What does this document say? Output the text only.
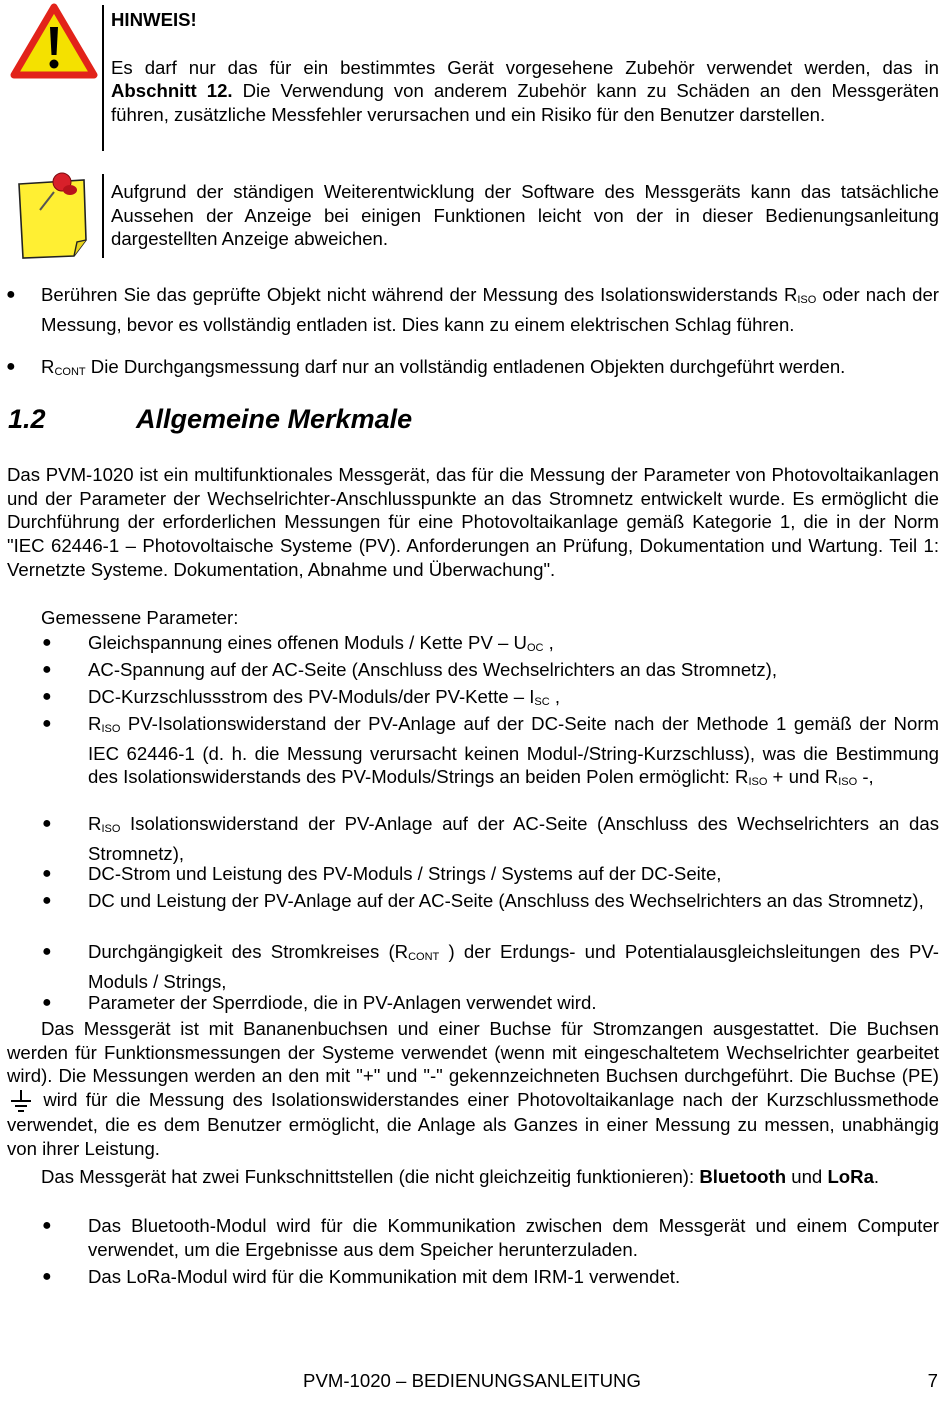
HINWEIS!

Es darf nur das für ein bestimmtes Gerät vorgesehene Zubehör verwendet werden, das in Abschnitt 12. Die Verwendung von anderem Zubehör kann zu Schäden an den Messgeräten führen, zusätzliche Messfehler verursachen und ein Risiko für den Benutzer darstellen.

Aufgrund der ständigen Weiterentwicklung der Software des Messgeräts kann das tatsächliche Aussehen der Anzeige bei einigen Funktionen leicht von der in dieser Bedienungsanleitung dargestellten Anzeige abweichen.

● Berühren Sie das geprüfte Objekt nicht während der Messung des Isolationswiderstands $R_{ISO}$ oder nach der Messung, bevor es vollständig entladen ist. Dies kann zu einem elektrischen Schlag führen.
● $R_{CONT}$ Die Durchgangsmessung darf nur an vollständig entladenen Objekten durchgeführt werden.
1.2	Allgemeine Merkmale

Das PVM-1020 ist ein multifunktionales Messgerät, das für die Messung der Parameter von Photovoltaikanlagen und der Parameter der Wechselrichter-Anschlusspunkte an das Stromnetz entwickelt wurde. Es ermöglicht die Durchführung der erforderlichen Messungen für eine Photovoltaikanlage gemäß Kategorie 1, die in der Norm "IEC 62446-1 – Photovoltaische Systeme (PV). Anforderungen an Prüfung, Dokumentation und Wartung. Teil 1: Vernetzte Systeme. Dokumentation, Abnahme und Überwachung".

Gemessene Parameter:
● Gleichspannung eines offenen Moduls / Kette PV – $U_{OC}$ ,
● AC-Spannung auf der AC-Seite (Anschluss des Wechselrichters an das Stromnetz),
● DC-Kurzschlussstrom des PV-Moduls/der PV-Kette – $I_{SC}$ ,
● $R_{ISO}$ PV-Isolationswiderstand der PV-Anlage auf der DC-Seite nach der Methode 1 gemäß der Norm IEC 62446-1 (d. h. die Messung verursacht keinen Modul-/String-Kurzschluss), was die Bestimmung des Isolationswiderstands des PV-Moduls/Strings an beiden Polen ermöglicht: $R_{ISO}$ + und $R_{ISO}$ -,
● $R_{ISO}$ Isolationswiderstand der PV-Anlage auf der AC-Seite (Anschluss des Wechselrichters an das Stromnetz),
● DC-Strom und Leistung des PV-Moduls / Strings / Systems auf der DC-Seite,
● DC und Leistung der PV-Anlage auf der AC-Seite (Anschluss des Wechselrichters an das Stromnetz),
● Durchgängigkeit des Stromkreises ($R_{CONT}$ ) der Erdungs- und Potentialausgleichsleitungen des PV-Moduls / Strings,
● Parameter der Sperrdiode, die in PV-Anlagen verwendet wird.

Das Messgerät ist mit Bananenbuchsen und einer Buchse für Stromzangen ausgestattet. Die Buchsen werden für Funktionsmessungen der Systeme verwendet (wenn mit eingeschaltetem Wechselrichter gearbeitet wird). Die Messungen werden an den mit "+" und "-" gekennzeichneten Buchsen durchgeführt. Die Buchse (PE) wird für die Messung des Isolationswiderstandes einer Photovoltaikanlage nach der Kurzschlussmethode verwendet, die es dem Benutzer ermöglicht, die Anlage als Ganzes in einer Messung zu messen, unabhängig von ihrer Leistung.

Das Messgerät hat zwei Funkschnittstellen (die nicht gleichzeitig funktionieren): Bluetooth und LoRa.

● Das Bluetooth-Modul wird für die Kommunikation zwischen dem Messgerät und einem Computer verwendet, um die Ergebnisse aus dem Speicher herunterzuladen.
● Das LoRa-Modul wird für die Kommunikation mit dem IRM-1 verwendet.
PVM-1020 – BEDIENUNGSANLEITUNG	7
